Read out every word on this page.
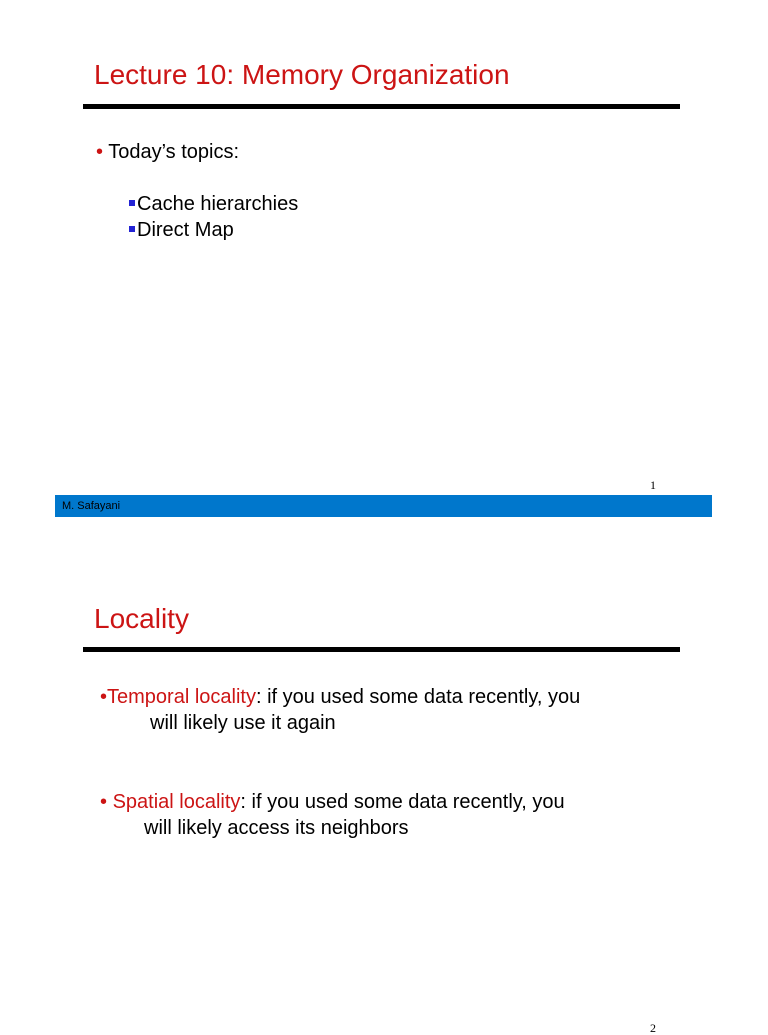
Lecture 10: Memory Organization
• Today’s topics:
Cache hierarchies
Direct Map
1
M. Safayani
Locality
•Temporal locality: if you used some data recently, you
will likely use it again
• Spatial locality: if you used some data recently, you
will likely access its neighbors
2
